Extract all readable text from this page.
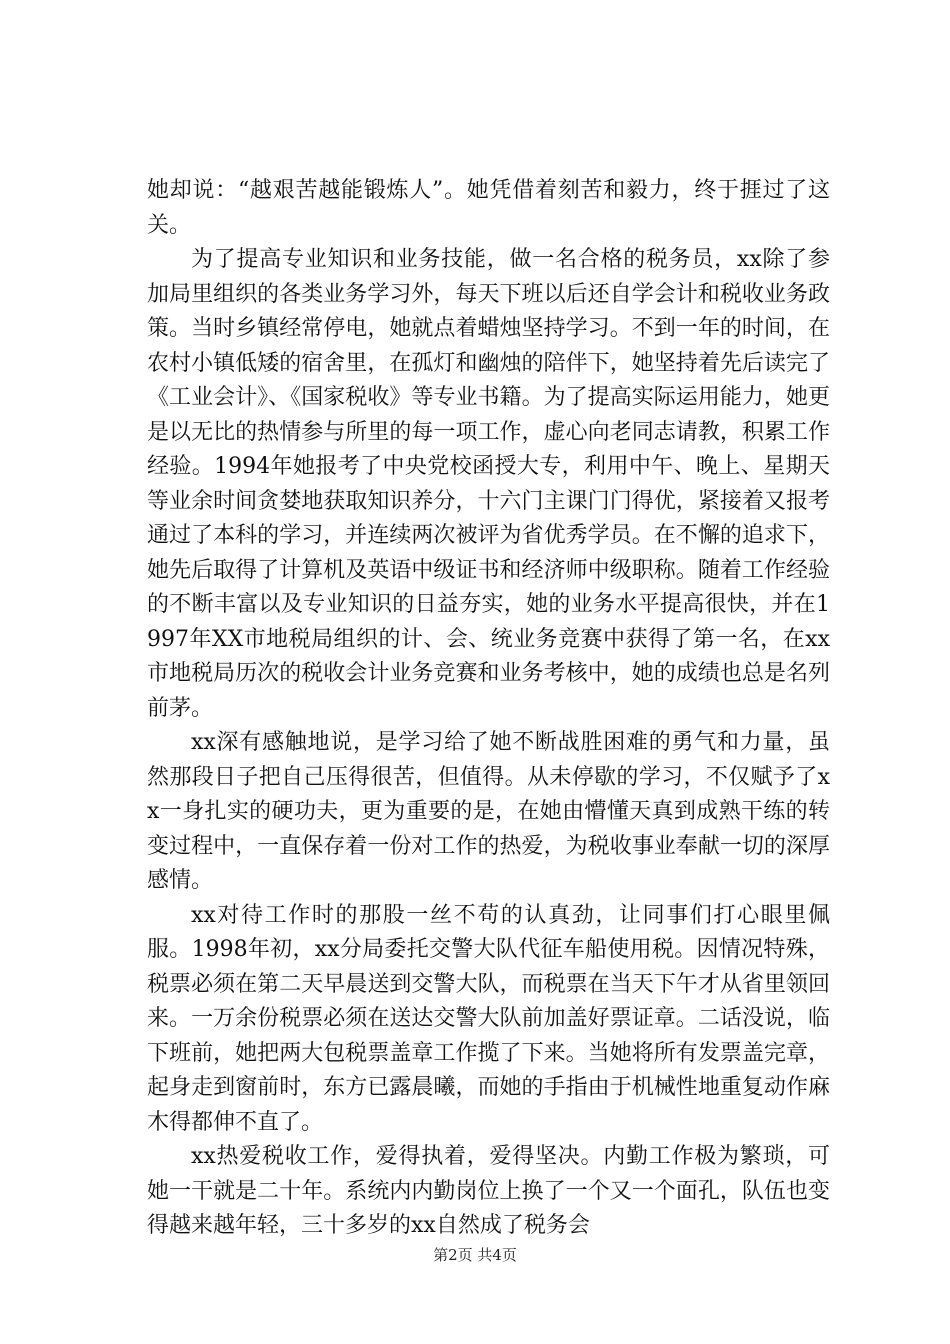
她却说：“越艰苦越能锻炼人”。她凭借着刻苦和毅力，终于捱过了这关。

为了提高专业知识和业务技能，做一名合格的税务员，xx除了参加局里组织的各类业务学习外，每天下班以后还自学会计和税收业务政策。当时乡镇经常停电，她就点着蜡烛坚持学习。不到一年的时间，在农村小镇低矮的宿舍里，在孤灯和幽烛的陪伴下，她坚持着先后读完了《工业会计》、《国家税收》等专业书籍。为了提高实际运用能力，她更是以无比的热情参与所里的每一项工作，虚心向老同志请教，积累工作经验。1994年她报考了中央党校函授大专，利用中午、晚上、星期天等业余时间贪婪地获取知识养分，十六门主课门门得优，紧接着又报考通过了本科的学习，并连续两次被评为省优秀学员。在不懈的追求下，她先后取得了计算机及英语中级证书和经济师中级职称。随着工作经验的不断丰富以及专业知识的日益夯实，她的业务水平提高很快，并在1997年XX市地税局组织的计、会、统业务竞赛中获得了第一名，在xx市地税局历次的税收会计业务竞赛和业务考核中，她的成绩也总是名列前茅。

xx深有感触地说，是学习给了她不断战胜困难的勇气和力量，虽然那段日子把自己压得很苦，但值得。从未停歇的学习，不仅赋予了xx一身扎实的硬功夫，更为重要的是，在她由懵懂天真到成熟干练的转变过程中，一直保存着一份对工作的热爱，为税收事业奉献一切的深厚感情。

xx对待工作时的那股一丝不苟的认真劲，让同事们打心眼里佩服。1998年初，xx分局委托交警大队代征车船使用税。因情况特殊，税票必须在第二天早晨送到交警大队，而税票在当天下午才从省里领回来。一万余份税票必须在送达交警大队前加盖好票证章。二话没说，临下班前，她把两大包税票盖章工作揽了下来。当她将所有发票盖完章，起身走到窗前时，东方已露晨曦，而她的手指由于机械性地重复动作麻木得都伸不直了。

xx热爱税收工作，爱得执着，爱得坚决。内勤工作极为繁琐，可她一干就是二十年。系统内内勤岗位上换了一个又一个面孔，队伍也变得越来越年轻，三十多岁的xx自然成了税务会

第2页 共4页
